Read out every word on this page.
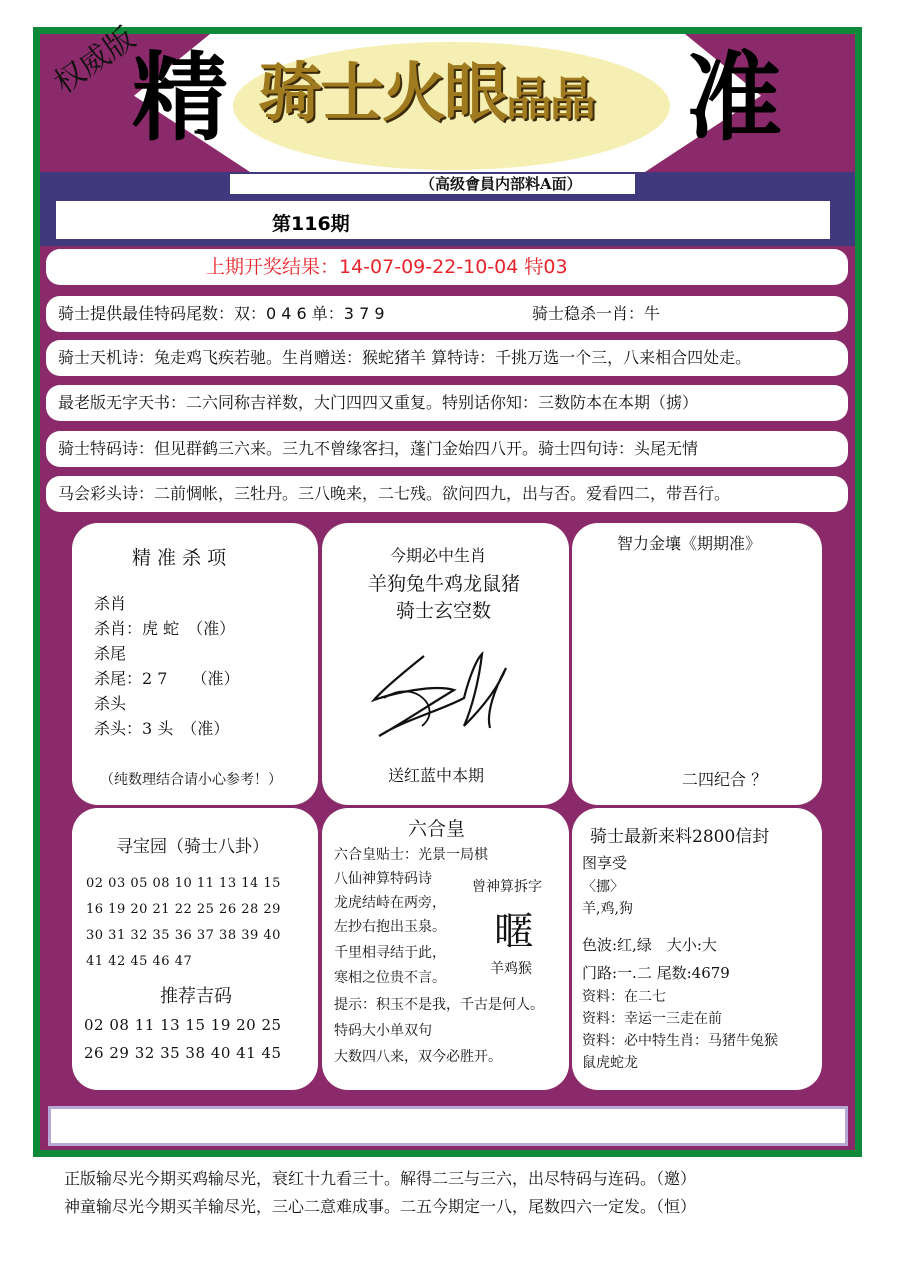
权威版
精	准
骑士火眼晶晶
（高级會員内部料A面）
第116期
上期开奖结果：14-07-09-22-10-04 特03
骑士提供最佳特码尾数：双：0 4 6 单：3 7 9	骑士稳杀一肖：牛
骑士天机诗：兔走鸡飞疾若驰。生肖赠送：猴蛇猪羊 算特诗：千挑万选一个三，八来相合四处走。
最老版无字天书：二六同称吉祥数，大门四四又重复。特别话你知：三数防本在本期（掳）
骑士特码诗：但见群鹤三六来。三九不曾缘客扫，蓬门金始四八开。骑士四句诗：头尾无情
马会彩头诗：二前惆帐，三牡丹。三八晚来，二七残。欲问四九，出与否。爱看四二，带吾行。
精 准 杀 项
杀肖
杀肖：虎 蛇　（准）
杀尾
杀尾：2 7　　（准）
杀头
杀头：3 头　（准）
（纯数理结合请小心参考！）
今期必中生肖
羊狗兔牛鸡龙鼠猪
骑士玄空数
送红蓝中本期
智力金壤《期期准》
二四纪合 ？
寻宝园（骑士八卦）
02 03 05 08 10 11 13 14 15
16 19 20 21 22 25 26 28 29
30 31 32 35 36 37 38 39 40
41 42 45 46 47
推荐吉码
02 08 11 13 15 19 20 25
26 29 32 35 38 40 41 45
六合皇
六合皇贴士：光景一局棋
八仙神算特码诗
龙虎结峙在两旁，
左抄右抱出玉泉。
千里相寻结于此，
寒相之位贵不言。
提示：积玉不是我，千古是何人。
特码大小单双句
大数四八来，双今必胜开。
曾神算拆字
暱
羊鸡猴
骑士最新来料2800信封
图享受
〈挪〉
羊,鸡,狗
色波:红,绿　大小:大
门路:一.二 尾数:4679
资料：在二七
资料：幸运一三走在前
资料：必中特生肖：马猪牛兔猴
鼠虎蛇龙
正版输尽光今期买鸡输尽光，衰红十九看三十。解得二三与三六，出尽特码与连码。（邀）
神童输尽光今期买羊输尽光，三心二意难成事。二五今期定一八，尾数四六一定发。（恒）
